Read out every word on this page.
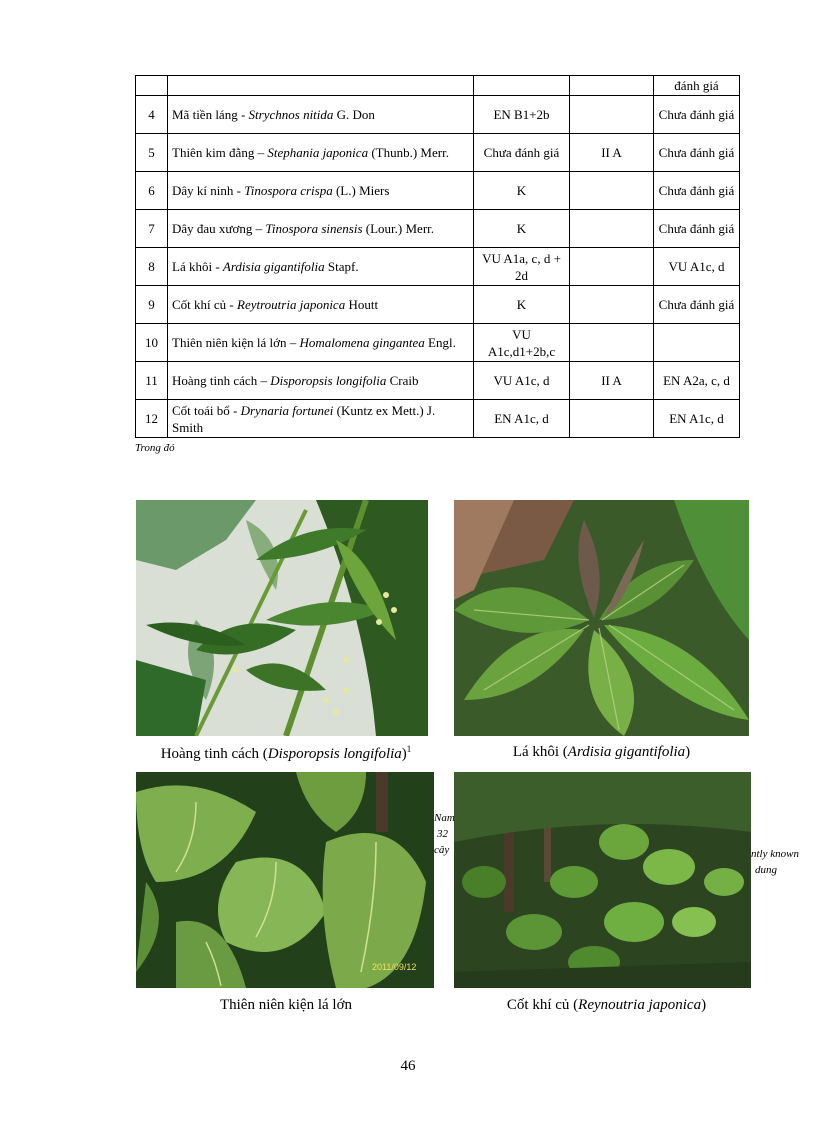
				đánh giá
4	Mã tiền láng - Strychnos nitida G. Don	EN B1+2b		Chưa đánh giá
5	Thiên kim đằng – Stephania japonica (Thunb.) Merr.	Chưa đánh giá	II A	Chưa đánh giá
6	Dây kí ninh - Tinospora crispa (L.) Miers	K		Chưa đánh giá
7	Dây đau xương – Tinospora sinensis (Lour.) Merr.	K		Chưa đánh giá
8	Lá khôi - Ardisia gigantifolia Stapf.	VU A1a, c, d + 2d		VU A1c, d
9	Cốt khí củ - Reytroutria japonica Houtt	K		Chưa đánh giá
10	Thiên niên kiện lá lớn – Homalomena gingantea Engl.	VU A1c,d1+2b,c		
11	Hoàng tinh cách – Disporopsis longifolia Craib	VU A1c, d	II A	EN A2a, c, d
12	Cốt toái bổ - Drynaria fortunei (Kuntz ex Mett.) J. Smith	EN A1c, d		EN A1c, d
Trong đó
2011/09/12
Hoàng tinh cách (Disporopsis longifolia)$^1$	Lá khôi (Ardisia gigantifolia)
Thiên niên kiện lá lớn	Cốt khí củ (Reynoutria japonica)
Nam
32
cây	ntly known
dung
46
